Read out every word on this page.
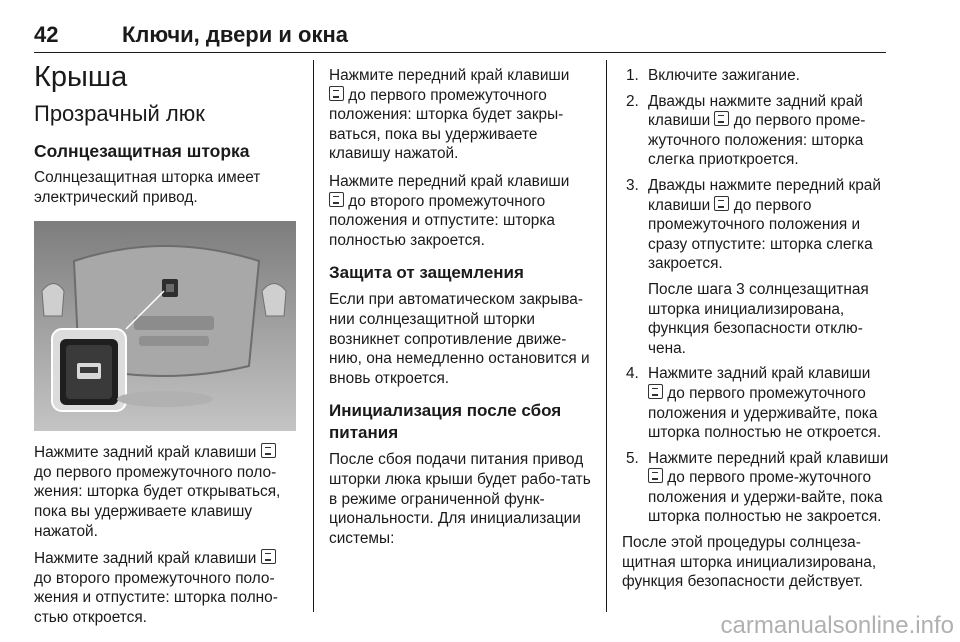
42	Ключи, двери и окна
Крыша
Прозрачный люк
Солнцезащитная шторка

Солнцезащитная шторка имеет электрический привод.

Нажмите задний край клавиши
до первого промежуточного поло-жения: шторка будет открываться, пока вы удерживаете клавишу нажатой.

Нажмите задний край клавиши
до второго промежуточного поло-жения и отпустите: шторка полно-стью откроется.

Нажмите передний край клавиши
до первого промежуточного положения: шторка будет закры-ваться, пока вы удерживаете клавишу нажатой.

Нажмите передний край клавиши
до второго промежуточного положения и отпустите: шторка полностью закроется.

Защита от защемления

Если при автоматическом закрыва-нии солнцезащитной шторки возникнет сопротивление движе-нию, она немедленно остановится и вновь откроется.

Инициализация после сбоя питания

После сбоя подачи питания привод шторки люка крыши будет рабо-тать в режиме ограниченной функ-циональности. Для инициализации системы:

1. Включите зажигание.

2. Дважды нажмите задний край клавиши до первого проме-жуточного положения: шторка слегка приоткроется.

3. Дважды нажмите передний край клавиши до первого промежуточного положения и сразу отпустите: шторка слегка закроется.

После шага 3 солнцезащитная шторка инициализирована, функция безопасности отклю-чена.

4. Нажмите задний край клавиши
до первого промежуточного положения и удерживайте, пока шторка полностью не откроется.

5. Нажмите передний край клавиши
до первого проме-жуточного положения и удержи-вайте, пока шторка полностью не закроется.

После этой процедуры солнцеза-щитная шторка инициализирована, функция безопасности действует.

carmanualsonline.info
